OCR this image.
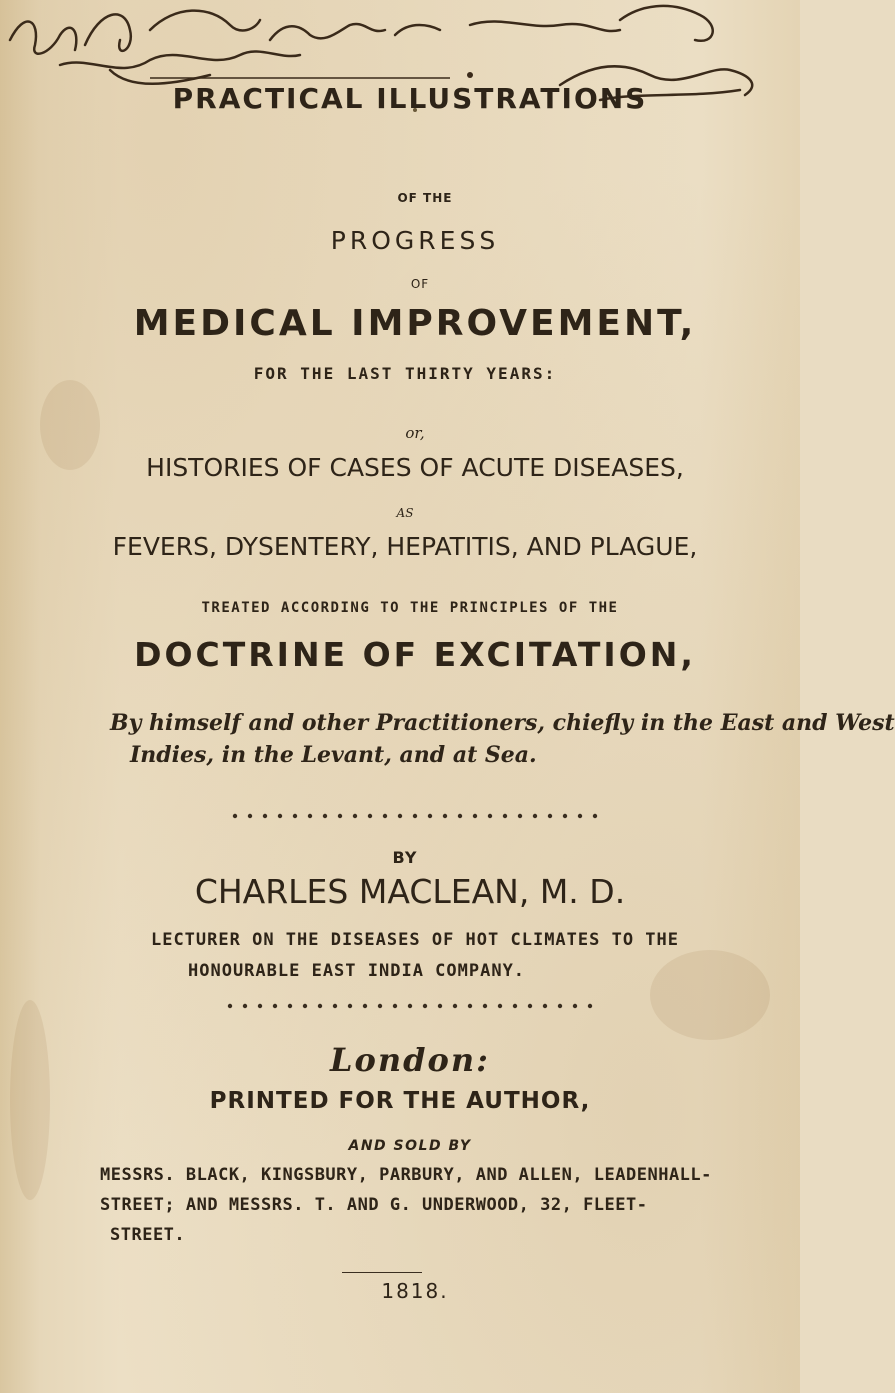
PRACTICAL ILLUSTRATIONS
OF THE
PROGRESS
OF
MEDICAL IMPROVEMENT,
FOR THE LAST THIRTY YEARS:
or,
HISTORIES OF CASES OF ACUTE DISEASES,
AS
FEVERS, DYSENTERY, HEPATITIS, AND PLAGUE,
TREATED ACCORDING TO THE PRINCIPLES OF THE
DOCTRINE OF EXCITATION,
By himself and other Practitioners, chiefly in the East and West
Indies, in the Levant, and at Sea.
BY
CHARLES MACLEAN, M. D.
LECTURER ON THE DISEASES OF HOT CLIMATES TO THE
HONOURABLE EAST INDIA COMPANY.
London:
PRINTED FOR THE AUTHOR,
AND SOLD BY
MESSRS. BLACK, KINGSBURY, PARBURY, AND ALLEN, LEADENHALL-
STREET; AND MESSRS. T. AND G. UNDERWOOD, 32, FLEET-
STREET.
1818.
